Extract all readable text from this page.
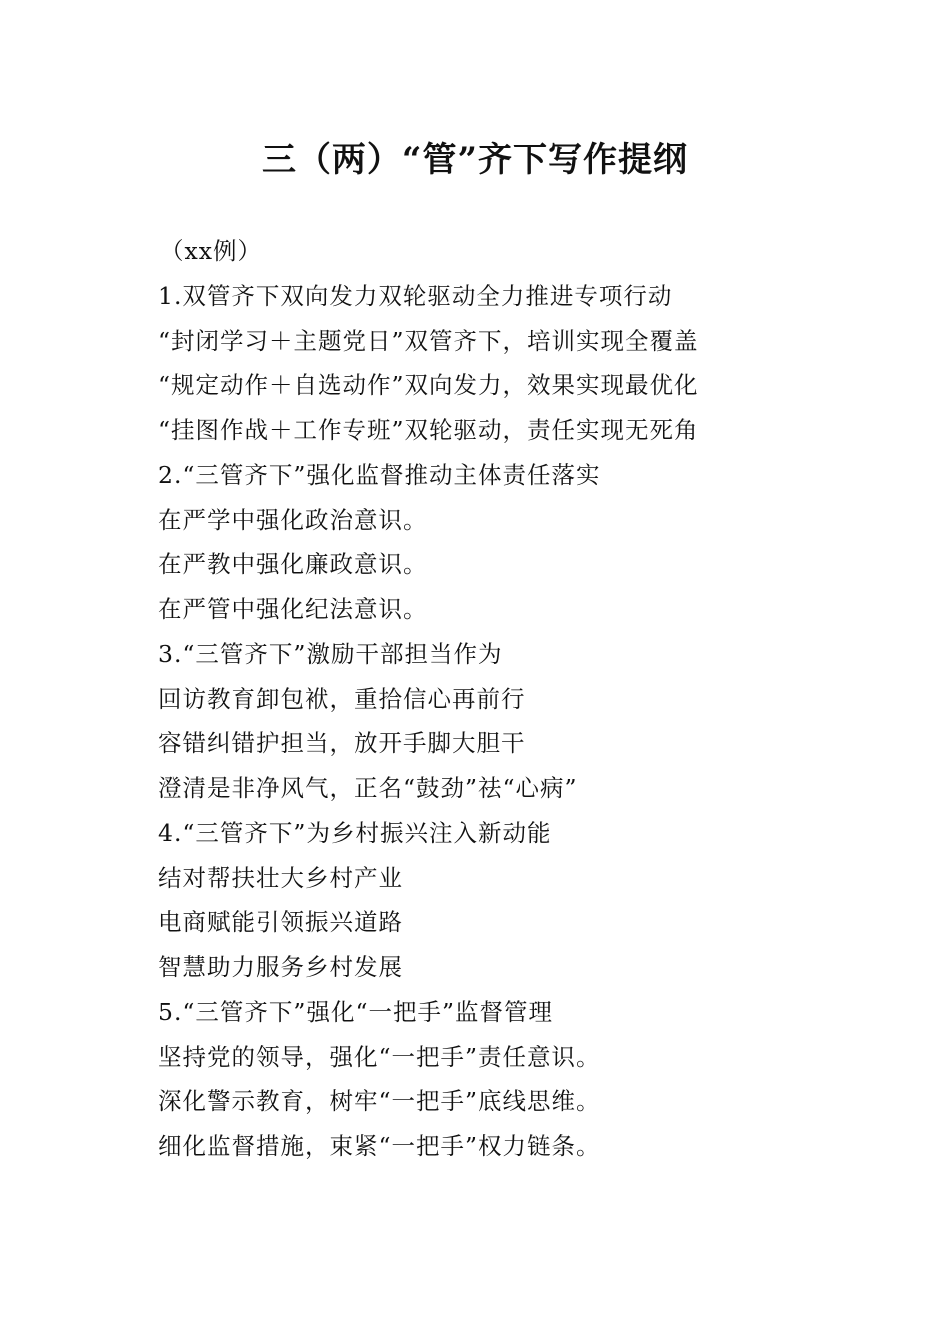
三（两）“管”齐下写作提纲

（xx例）

1.双管齐下双向发力双轮驱动全力推进专项行动

“封闭学习＋主题党日”双管齐下，培训实现全覆盖

“规定动作＋自选动作”双向发力，效果实现最优化

“挂图作战＋工作专班”双轮驱动，责任实现无死角

2.“三管齐下”强化监督推动主体责任落实

在严学中强化政治意识。

在严教中强化廉政意识。

在严管中强化纪法意识。

3.“三管齐下”激励干部担当作为

回访教育卸包袱，重拾信心再前行

容错纠错护担当，放开手脚大胆干

澄清是非净风气，正名“鼓劲”祛“心病”

4.“三管齐下”为乡村振兴注入新动能

结对帮扶壮大乡村产业

电商赋能引领振兴道路

智慧助力服务乡村发展

5.“三管齐下”强化“一把手”监督管理

坚持党的领导，强化“一把手”责任意识。

深化警示教育，树牢“一把手”底线思维。

细化监督措施，束紧“一把手”权力链条。
